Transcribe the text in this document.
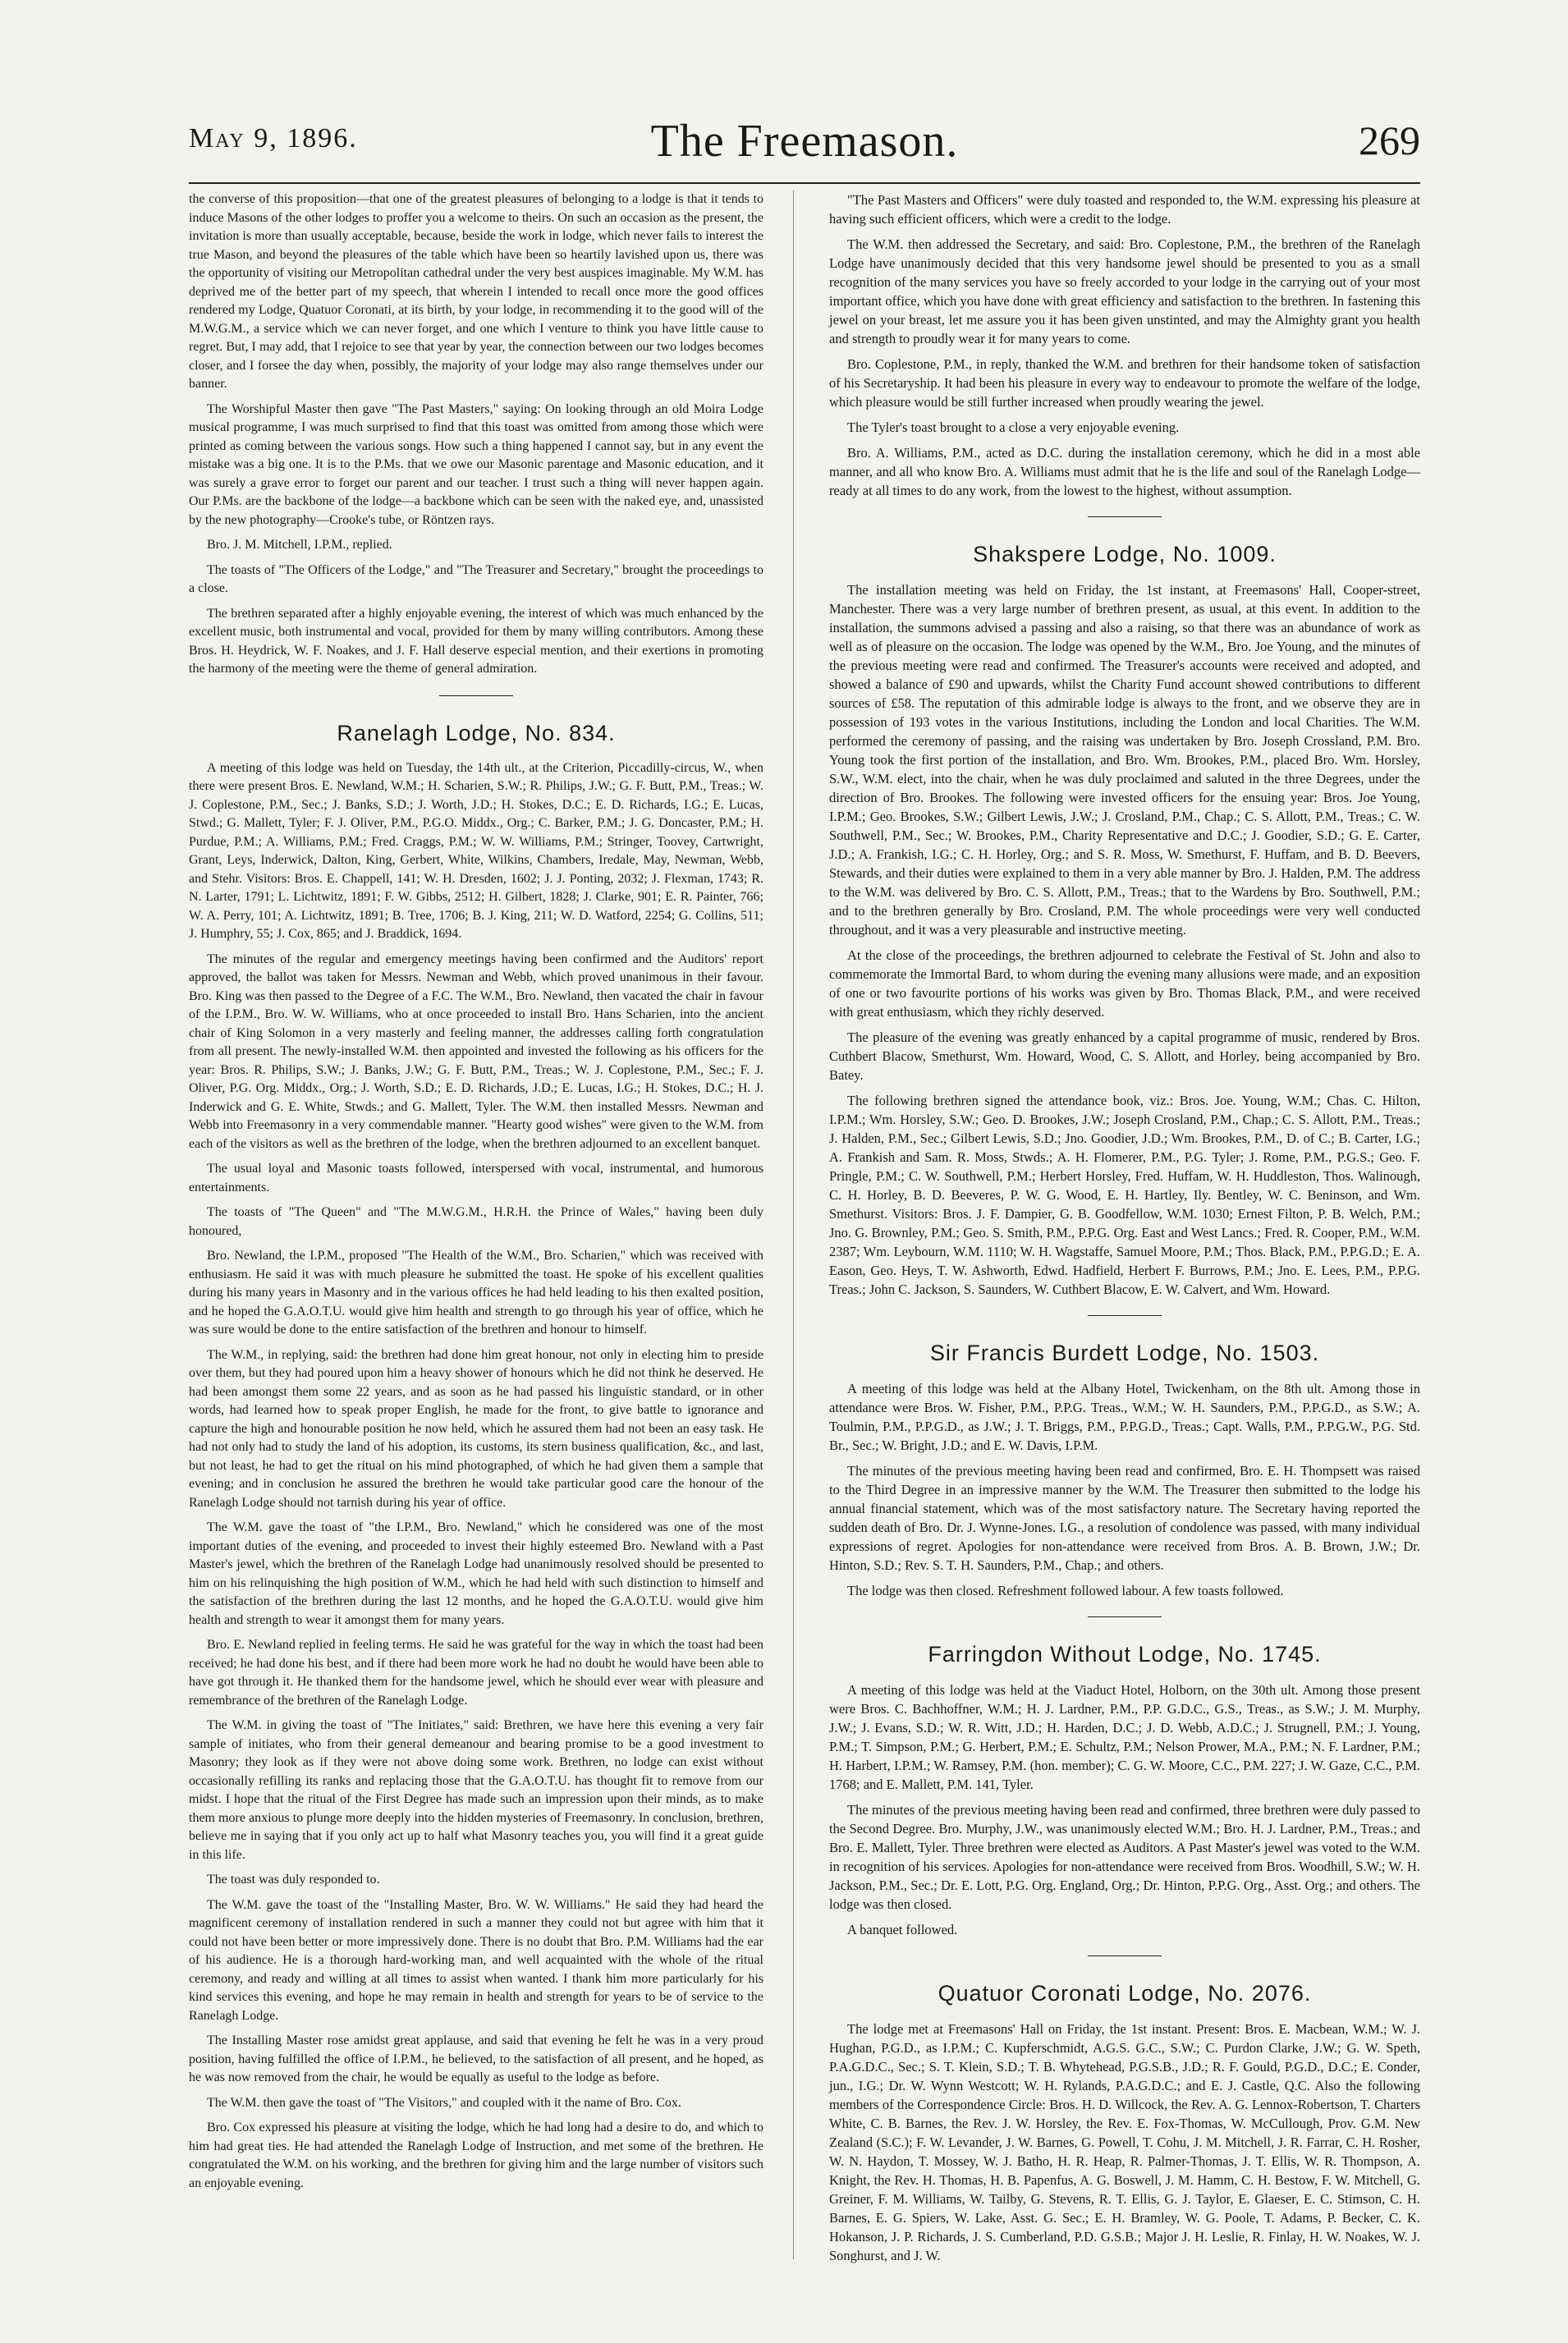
May 9, 1896.	The Freemason.	269

the converse of this proposition—that one of the greatest pleasures of belonging to a lodge is that it tends to induce Masons of the other lodges to proffer you a welcome to theirs. On such an occasion as the present, the invitation is more than usually acceptable, because, beside the work in lodge, which never fails to interest the true Mason, and beyond the pleasures of the table which have been so heartily lavished upon us, there was the opportunity of visiting our Metropolitan cathedral under the very best auspices imaginable. My W.M. has deprived me of the better part of my speech, that wherein I intended to recall once more the good offices rendered my Lodge, Quatuor Coronati, at its birth, by your lodge, in recommending it to the good will of the M.W.G.M., a service which we can never forget, and one which I venture to think you have little cause to regret. But, I may add, that I rejoice to see that year by year, the connection between our two lodges becomes closer, and I forsee the day when, possibly, the majority of your lodge may also range themselves under our banner.

The Worshipful Master then gave "The Past Masters," saying: On looking through an old Moira Lodge musical programme, I was much surprised to find that this toast was omitted from among those which were printed as coming between the various songs. How such a thing happened I cannot say, but in any event the mistake was a big one. It is to the P.Ms. that we owe our Masonic parentage and Masonic education, and it was surely a grave error to forget our parent and our teacher. I trust such a thing will never happen again. Our P.Ms. are the backbone of the lodge—a backbone which can be seen with the naked eye, and, unassisted by the new photography—Crooke's tube, or Röntzen rays.

Bro. J. M. Mitchell, I.P.M., replied.

The toasts of "The Officers of the Lodge," and "The Treasurer and Secretary," brought the proceedings to a close.

The brethren separated after a highly enjoyable evening, the interest of which was much enhanced by the excellent music, both instrumental and vocal, provided for them by many willing contributors. Among these Bros. H. Heydrick, W. F. Noakes, and J. F. Hall deserve especial mention, and their exertions in promoting the harmony of the meeting were the theme of general admiration.

Ranelagh Lodge, No. 834.

A meeting of this lodge was held on Tuesday, the 14th ult., at the Criterion, Piccadilly-circus, W., when there were present Bros. E. Newland, W.M.; H. Scharien, S.W.; R. Philips, J.W.; G. F. Butt, P.M., Treas.; W. J. Coplestone, P.M., Sec.; J. Banks, S.D.; J. Worth, J.D.; H. Stokes, D.C.; E. D. Richards, I.G.; E. Lucas, Stwd.; G. Mallett, Tyler; F. J. Oliver, P.M., P.G.O. Middx., Org.; C. Barker, P.M.; J. G. Doncaster, P.M.; H. Purdue, P.M.; A. Williams, P.M.; Fred. Craggs, P.M.; W. W. Williams, P.M.; Stringer, Toovey, Cartwright, Grant, Leys, Inderwick, Dalton, King, Gerbert, White, Wilkins, Chambers, Iredale, May, Newman, Webb, and Stehr. Visitors: Bros. E. Chappell, 141; W. H. Dresden, 1602; J. J. Ponting, 2032; J. Flexman, 1743; R. N. Larter, 1791; L. Lichtwitz, 1891; F. W. Gibbs, 2512; H. Gilbert, 1828; J. Clarke, 901; E. R. Painter, 766; W. A. Perry, 101; A. Lichtwitz, 1891; B. Tree, 1706; B. J. King, 211; W. D. Watford, 2254; G. Collins, 511; J. Humphry, 55; J. Cox, 865; and J. Braddick, 1694.

The minutes of the regular and emergency meetings having been confirmed and the Auditors' report approved, the ballot was taken for Messrs. Newman and Webb, which proved unanimous in their favour. Bro. King was then passed to the Degree of a F.C. The W.M., Bro. Newland, then vacated the chair in favour of the I.P.M., Bro. W. W. Williams, who at once proceeded to install Bro. Hans Scharien, into the ancient chair of King Solomon in a very masterly and feeling manner, the addresses calling forth congratulation from all present. The newly-installed W.M. then appointed and invested the following as his officers for the year: Bros. R. Philips, S.W.; J. Banks, J.W.; G. F. Butt, P.M., Treas.; W. J. Coplestone, P.M., Sec.; F. J. Oliver, P.G. Org. Middx., Org.; J. Worth, S.D.; E. D. Richards, J.D.; E. Lucas, I.G.; H. Stokes, D.C.; H. J. Inderwick and G. E. White, Stwds.; and G. Mallett, Tyler. The W.M. then installed Messrs. Newman and Webb into Freemasonry in a very commendable manner. "Hearty good wishes" were given to the W.M. from each of the visitors as well as the brethren of the lodge, when the brethren adjourned to an excellent banquet.

The usual loyal and Masonic toasts followed, interspersed with vocal, instrumental, and humorous entertainments.

The toasts of "The Queen" and "The M.W.G.M., H.R.H. the Prince of Wales," having been duly honoured,

Bro. Newland, the I.P.M., proposed "The Health of the W.M., Bro. Scharien," which was received with enthusiasm. He said it was with much pleasure he submitted the toast. He spoke of his excellent qualities during his many years in Masonry and in the various offices he had held leading to his then exalted position, and he hoped the G.A.O.T.U. would give him health and strength to go through his year of office, which he was sure would be done to the entire satisfaction of the brethren and honour to himself.

The W.M., in replying, said: the brethren had done him great honour, not only in electing him to preside over them, but they had poured upon him a heavy shower of honours which he did not think he deserved. He had been amongst them some 22 years, and as soon as he had passed his linguistic standard, or in other words, had learned how to speak proper English, he made for the front, to give battle to ignorance and capture the high and honourable position he now held, which he assured them had not been an easy task. He had not only had to study the land of his adoption, its customs, its stern business qualification, &c., and last, but not least, he had to get the ritual on his mind photographed, of which he had given them a sample that evening; and in conclusion he assured the brethren he would take particular good care the honour of the Ranelagh Lodge should not tarnish during his year of office.

The W.M. gave the toast of "the I.P.M., Bro. Newland," which he considered was one of the most important duties of the evening, and proceeded to invest their highly esteemed Bro. Newland with a Past Master's jewel, which the brethren of the Ranelagh Lodge had unanimously resolved should be presented to him on his relinquishing the high position of W.M., which he had held with such distinction to himself and the satisfaction of the brethren during the last 12 months, and he hoped the G.A.O.T.U. would give him health and strength to wear it amongst them for many years.

Bro. E. Newland replied in feeling terms. He said he was grateful for the way in which the toast had been received; he had done his best, and if there had been more work he had no doubt he would have been able to have got through it. He thanked them for the handsome jewel, which he should ever wear with pleasure and remembrance of the brethren of the Ranelagh Lodge.

The W.M. in giving the toast of "The Initiates," said: Brethren, we have here this evening a very fair sample of initiates, who from their general demeanour and bearing promise to be a good investment to Masonry; they look as if they were not above doing some work. Brethren, no lodge can exist without occasionally refilling its ranks and replacing those that the G.A.O.T.U. has thought fit to remove from our midst. I hope that the ritual of the First Degree has made such an impression upon their minds, as to make them more anxious to plunge more deeply into the hidden mysteries of Freemasonry. In conclusion, brethren, believe me in saying that if you only act up to half what Masonry teaches you, you will find it a great guide in this life.

The toast was duly responded to.

The W.M. gave the toast of the "Installing Master, Bro. W. W. Williams." He said they had heard the magnificent ceremony of installation rendered in such a manner they could not but agree with him that it could not have been better or more impressively done. There is no doubt that Bro. P.M. Williams had the ear of his audience. He is a thorough hard-working man, and well acquainted with the whole of the ritual ceremony, and ready and willing at all times to assist when wanted. I thank him more particularly for his kind services this evening, and hope he may remain in health and strength for years to be of service to the Ranelagh Lodge.

The Installing Master rose amidst great applause, and said that evening he felt he was in a very proud position, having fulfilled the office of I.P.M., he believed, to the satisfaction of all present, and he hoped, as he was now removed from the chair, he would be equally as useful to the lodge as before.

The W.M. then gave the toast of "The Visitors," and coupled with it the name of Bro. Cox.

Bro. Cox expressed his pleasure at visiting the lodge, which he had long had a desire to do, and which to him had great ties. He had attended the Ranelagh Lodge of Instruction, and met some of the brethren. He congratulated the W.M. on his working, and the brethren for giving him and the large number of visitors such an enjoyable evening.

"The Past Masters and Officers" were duly toasted and responded to, the W.M. expressing his pleasure at having such efficient officers, which were a credit to the lodge.

The W.M. then addressed the Secretary, and said: Bro. Coplestone, P.M., the brethren of the Ranelagh Lodge have unanimously decided that this very handsome jewel should be presented to you as a small recognition of the many services you have so freely accorded to your lodge in the carrying out of your most important office, which you have done with great efficiency and satisfaction to the brethren. In fastening this jewel on your breast, let me assure you it has been given unstinted, and may the Almighty grant you health and strength to proudly wear it for many years to come.

Bro. Coplestone, P.M., in reply, thanked the W.M. and brethren for their handsome token of satisfaction of his Secretaryship. It had been his pleasure in every way to endeavour to promote the welfare of the lodge, which pleasure would be still further increased when proudly wearing the jewel.

The Tyler's toast brought to a close a very enjoyable evening.

Bro. A. Williams, P.M., acted as D.C. during the installation ceremony, which he did in a most able manner, and all who know Bro. A. Williams must admit that he is the life and soul of the Ranelagh Lodge—ready at all times to do any work, from the lowest to the highest, without assumption.

Shakspere Lodge, No. 1009.

The installation meeting was held on Friday, the 1st instant, at Freemasons' Hall, Cooper-street, Manchester. There was a very large number of brethren present, as usual, at this event. In addition to the installation, the summons advised a passing and also a raising, so that there was an abundance of work as well as of pleasure on the occasion. The lodge was opened by the W.M., Bro. Joe Young, and the minutes of the previous meeting were read and confirmed. The Treasurer's accounts were received and adopted, and showed a balance of £90 and upwards, whilst the Charity Fund account showed contributions to different sources of £58. The reputation of this admirable lodge is always to the front, and we observe they are in possession of 193 votes in the various Institutions, including the London and local Charities. The W.M. performed the ceremony of passing, and the raising was undertaken by Bro. Joseph Crossland, P.M. Bro. Young took the first portion of the installation, and Bro. Wm. Brookes, P.M., placed Bro. Wm. Horsley, S.W., W.M. elect, into the chair, when he was duly proclaimed and saluted in the three Degrees, under the direction of Bro. Brookes. The following were invested officers for the ensuing year: Bros. Joe Young, I.P.M.; Geo. Brookes, S.W.; Gilbert Lewis, J.W.; J. Crosland, P.M., Chap.; C. S. Allott, P.M., Treas.; C. W. Southwell, P.M., Sec.; W. Brookes, P.M., Charity Representative and D.C.; J. Goodier, S.D.; G. E. Carter, J.D.; A. Frankish, I.G.; C. H. Horley, Org.; and S. R. Moss, W. Smethurst, F. Huffam, and B. D. Beevers, Stewards, and their duties were explained to them in a very able manner by Bro. J. Halden, P.M. The address to the W.M. was delivered by Bro. C. S. Allott, P.M., Treas.; that to the Wardens by Bro. Southwell, P.M.; and to the brethren generally by Bro. Crosland, P.M. The whole proceedings were very well conducted throughout, and it was a very pleasurable and instructive meeting.

At the close of the proceedings, the brethren adjourned to celebrate the Festival of St. John and also to commemorate the Immortal Bard, to whom during the evening many allusions were made, and an exposition of one or two favourite portions of his works was given by Bro. Thomas Black, P.M., and were received with great enthusiasm, which they richly deserved.

The pleasure of the evening was greatly enhanced by a capital programme of music, rendered by Bros. Cuthbert Blacow, Smethurst, Wm. Howard, Wood, C. S. Allott, and Horley, being accompanied by Bro. Batey.

The following brethren signed the attendance book, viz.: Bros. Joe. Young, W.M.; Chas. C. Hilton, I.P.M.; Wm. Horsley, S.W.; Geo. D. Brookes, J.W.; Joseph Crosland, P.M., Chap.; C. S. Allott, P.M., Treas.; J. Halden, P.M., Sec.; Gilbert Lewis, S.D.; Jno. Goodier, J.D.; Wm. Brookes, P.M., D. of C.; B. Carter, I.G.; A. Frankish and Sam. R. Moss, Stwds.; A. H. Flomerer, P.M., P.G. Tyler; J. Rome, P.M., P.G.S.; Geo. F. Pringle, P.M.; C. W. Southwell, P.M.; Herbert Horsley, Fred. Huffam, W. H. Huddleston, Thos. Walinough, C. H. Horley, B. D. Beeveres, P. W. G. Wood, E. H. Hartley, Ily. Bentley, W. C. Beninson, and Wm. Smethurst. Visitors: Bros. J. F. Dampier, G. B. Goodfellow, W.M. 1030; Ernest Filton, P. B. Welch, P.M.; Jno. G. Brownley, P.M.; Geo. S. Smith, P.M., P.P.G. Org. East and West Lancs.; Fred. R. Cooper, P.M., W.M. 2387; Wm. Leybourn, W.M. 1110; W. H. Wagstaffe, Samuel Moore, P.M.; Thos. Black, P.M., P.P.G.D.; E. A. Eason, Geo. Heys, T. W. Ashworth, Edwd. Hadfield, Herbert F. Burrows, P.M.; Jno. E. Lees, P.M., P.P.G. Treas.; John C. Jackson, S. Saunders, W. Cuthbert Blacow, E. W. Calvert, and Wm. Howard.

Sir Francis Burdett Lodge, No. 1503.

A meeting of this lodge was held at the Albany Hotel, Twickenham, on the 8th ult. Among those in attendance were Bros. W. Fisher, P.M., P.P.G. Treas., W.M.; W. H. Saunders, P.M., P.P.G.D., as S.W.; A. Toulmin, P.M., P.P.G.D., as J.W.; J. T. Briggs, P.M., P.P.G.D., Treas.; Capt. Walls, P.M., P.P.G.W., P.G. Std. Br., Sec.; W. Bright, J.D.; and E. W. Davis, I.P.M.

The minutes of the previous meeting having been read and confirmed, Bro. E. H. Thompsett was raised to the Third Degree in an impressive manner by the W.M. The Treasurer then submitted to the lodge his annual financial statement, which was of the most satisfactory nature. The Secretary having reported the sudden death of Bro. Dr. J. Wynne-Jones. I.G., a resolution of condolence was passed, with many individual expressions of regret. Apologies for non-attendance were received from Bros. A. B. Brown, J.W.; Dr. Hinton, S.D.; Rev. S. T. H. Saunders, P.M., Chap.; and others.

The lodge was then closed. Refreshment followed labour. A few toasts followed.

Farringdon Without Lodge, No. 1745.

A meeting of this lodge was held at the Viaduct Hotel, Holborn, on the 30th ult. Among those present were Bros. C. Bachhoffner, W.M.; H. J. Lardner, P.M., P.P. G.D.C., G.S., Treas., as S.W.; J. M. Murphy, J.W.; J. Evans, S.D.; W. R. Witt, J.D.; H. Harden, D.C.; J. D. Webb, A.D.C.; J. Strugnell, P.M.; J. Young, P.M.; T. Simpson, P.M.; G. Herbert, P.M.; E. Schultz, P.M.; Nelson Prower, M.A., P.M.; N. F. Lardner, P.M.; H. Harbert, I.P.M.; W. Ramsey, P.M. (hon. member); C. G. W. Moore, C.C., P.M. 227; J. W. Gaze, C.C., P.M. 1768; and E. Mallett, P.M. 141, Tyler.

The minutes of the previous meeting having been read and confirmed, three brethren were duly passed to the Second Degree. Bro. Murphy, J.W., was unanimously elected W.M.; Bro. H. J. Lardner, P.M., Treas.; and Bro. E. Mallett, Tyler. Three brethren were elected as Auditors. A Past Master's jewel was voted to the W.M. in recognition of his services. Apologies for non-attendance were received from Bros. Woodhill, S.W.; W. H. Jackson, P.M., Sec.; Dr. E. Lott, P.G. Org. England, Org.; Dr. Hinton, P.P.G. Org., Asst. Org.; and others. The lodge was then closed.

A banquet followed.

Quatuor Coronati Lodge, No. 2076.

The lodge met at Freemasons' Hall on Friday, the 1st instant. Present: Bros. E. Macbean, W.M.; W. J. Hughan, P.G.D., as I.P.M.; C. Kupferschmidt, A.G.S. G.C., S.W.; C. Purdon Clarke, J.W.; G. W. Speth, P.A.G.D.C., Sec.; S. T. Klein, S.D.; T. B. Whytehead, P.G.S.B., J.D.; R. F. Gould, P.G.D., D.C.; E. Conder, jun., I.G.; Dr. W. Wynn Westcott; W. H. Rylands, P.A.G.D.C.; and E. J. Castle, Q.C. Also the following members of the Correspondence Circle: Bros. H. D. Willcock, the Rev. A. G. Lennox-Robertson, T. Charters White, C. B. Barnes, the Rev. J. W. Horsley, the Rev. E. Fox-Thomas, W. McCullough, Prov. G.M. New Zealand (S.C.); F. W. Levander, J. W. Barnes, G. Powell, T. Cohu, J. M. Mitchell, J. R. Farrar, C. H. Rosher, W. N. Haydon, T. Mossey, W. J. Batho, H. R. Heap, R. Palmer-Thomas, J. T. Ellis, W. R. Thompson, A. Knight, the Rev. H. Thomas, H. B. Papenfus, A. G. Boswell, J. M. Hamm, C. H. Bestow, F. W. Mitchell, G. Greiner, F. M. Williams, W. Tailby, G. Stevens, R. T. Ellis, G. J. Taylor, E. Glaeser, E. C. Stimson, C. H. Barnes, E. G. Spiers, W. Lake, Asst. G. Sec.; E. H. Bramley, W. G. Poole, T. Adams, P. Becker, C. K. Hokanson, J. P. Richards, J. S. Cumberland, P.D. G.S.B.; Major J. H. Leslie, R. Finlay, H. W. Noakes, W. J. Songhurst, and J. W.
